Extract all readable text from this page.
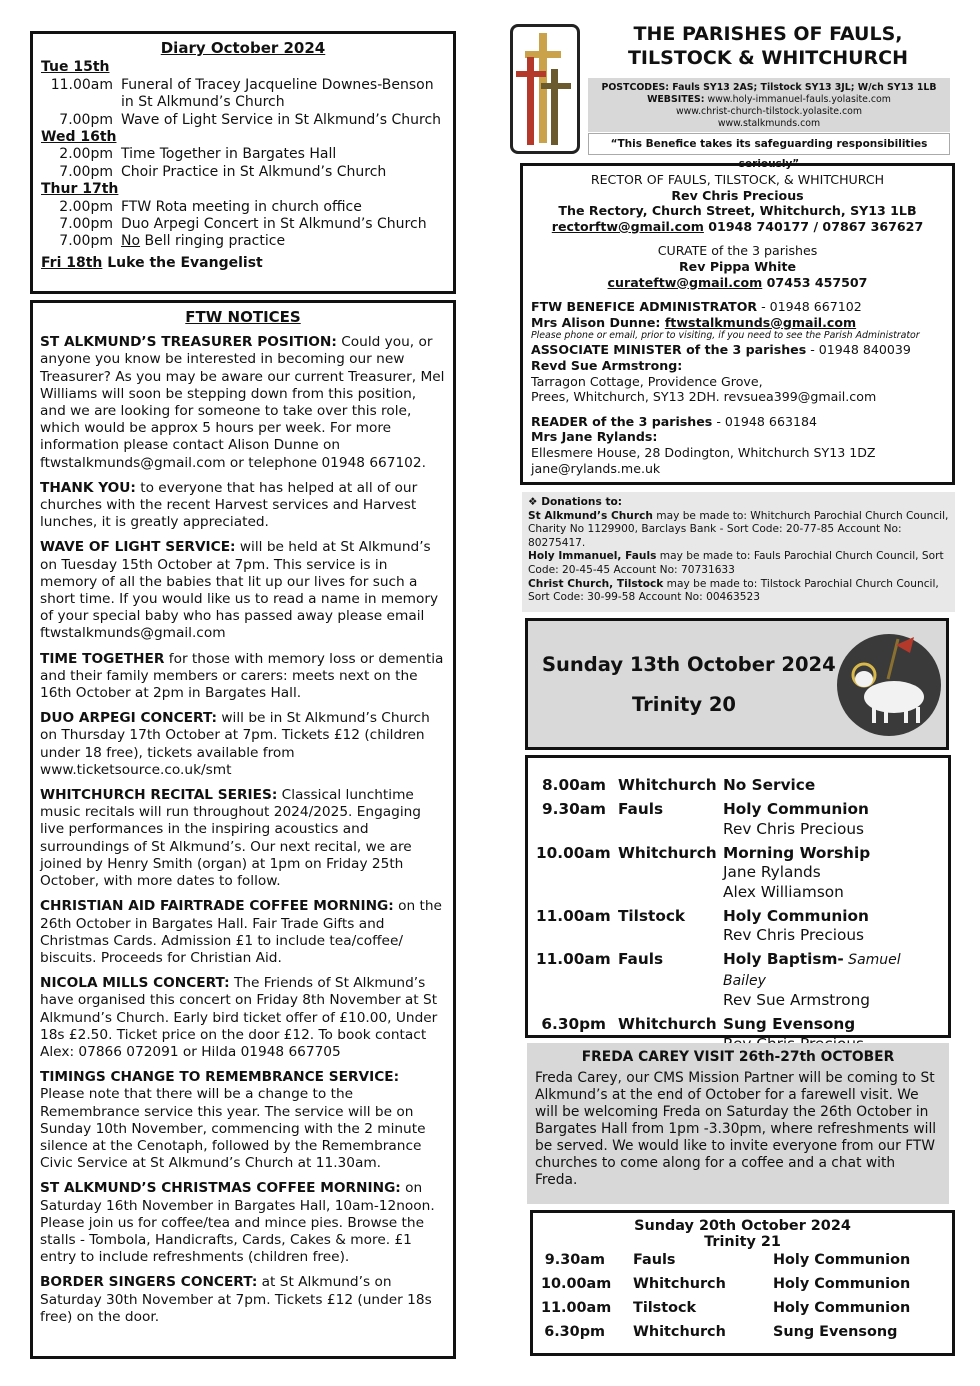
Diary October 2024
Tue 15th
11.00am Funeral of Tracey Jacqueline Downes-Benson
in St Alkmund’s Church
7.00pm Wave of Light Service in St Alkmund’s Church
Wed 16th
2.00pm Time Together in Bargates Hall
7.00pm Choir Practice in St Alkmund’s Church
Thur 17th
2.00pm FTW Rota meeting in church office
7.00pm Duo Arpegi Concert in St Alkmund’s Church
7.00pm No Bell ringing practice
Fri 18th Luke the Evangelist
FTW NOTICES

ST ALKMUND’S TREASURER POSITION: Could you, or anyone you know be interested in becoming our new Treasurer? As you may be aware our current Treasurer, Mel Williams will soon be stepping down from this position, and we are looking for someone to take over this role, which would be approx 5 hours per week. For more information please contact Alison Dunne on ftwstalkmunds@gmail.com or telephone 01948 667102.

THANK YOU: to everyone that has helped at all of our churches with the recent Harvest services and Harvest lunches, it is greatly appreciated.

WAVE OF LIGHT SERVICE: will be held at St Alkmund’s on Tuesday 15th October at 7pm. This service is in memory of all the babies that lit up our lives for such a short time. If you would like us to read a name in memory of your special baby who has passed away please email ftwstalkmunds@gmail.com

TIME TOGETHER for those with memory loss or dementia and their family members or carers: meets next on the 16th October at 2pm in Bargates Hall.

DUO ARPEGI CONCERT: will be in St Alkmund’s Church on Thursday 17th October at 7pm. Tickets £12 (children under 18 free), tickets available from www.ticketsource.co.uk/smt

WHITCHURCH RECITAL SERIES: Classical lunchtime music recitals will run throughout 2024/2025. Engaging live performances in the inspiring acoustics and surroundings of St Alkmund’s. Our next recital, we are joined by Henry Smith (organ) at 1pm on Friday 25th October, with more dates to follow.

CHRISTIAN AID FAIRTRADE COFFEE MORNING: on the 26th October in Bargates Hall. Fair Trade Gifts and Christmas Cards. Admission £1 to include tea/coffee/ biscuits. Proceeds for Christian Aid.

NICOLA MILLS CONCERT: The Friends of St Alkmund’s have organised this concert on Friday 8th November at St Alkmund’s Church. Early bird ticket offer of £10.00, Under 18s £2.50. Ticket price on the door £12. To book contact Alex: 07866 072091 or Hilda 01948 667705

TIMINGS CHANGE TO REMEMBRANCE SERVICE: Please note that there will be a change to the Remembrance service this year. The service will be on Sunday 10th November, commencing with the 2 minute silence at the Cenotaph, followed by the Remembrance Civic Service at St Alkmund’s Church at 11.30am.

ST ALKMUND’S CHRISTMAS COFFEE MORNING: on Saturday 16th November in Bargates Hall, 10am-12noon. Please join us for coffee/tea and mince pies. Browse the stalls - Tombola, Handicrafts, Cards, Cakes & more. £1 entry to include refreshments (children free).

BORDER SINGERS CONCERT: at St Alkmund’s on Saturday 30th November at 7pm. Tickets £12 (under 18s free) on the door.

THE PARISHES OF FAULS,
TILSTOCK & WHITCHURCH
POSTCODES: Fauls SY13 2AS; Tilstock SY13 3JL; W/ch SY13 1LB
WEBSITES: www.holy-immanuel-fauls.yolasite.com
www.christ-church-tilstock.yolasite.com
www.stalkmunds.com
“This Benefice takes its safeguarding responsibilities seriously”
RECTOR OF FAULS, TILSTOCK, & WHITCHURCH
Rev Chris Precious
The Rectory, Church Street, Whitchurch, SY13 1LB
rectorftw@gmail.com 01948 740177 / 07867 367627
CURATE of the 3 parishes
Rev Pippa White
curateftw@gmail.com 07453 457507
FTW BENEFICE ADMINISTRATOR - 01948 667102
Mrs Alison Dunne: ftwstalkmunds@gmail.com
Please phone or email, prior to visiting, if you need to see the Parish Administrator
ASSOCIATE MINISTER of the 3 parishes - 01948 840039
Revd Sue Armstrong:
Tarragon Cottage, Providence Grove,
Prees, Whitchurch, SY13 2DH. revsuea399@gmail.com
READER of the 3 parishes - 01948 663184
Mrs Jane Rylands:
Ellesmere House, 28 Dodington, Whitchurch SY13 1DZ
jane@rylands.me.uk
❖ Donations to:
St Alkmund’s Church may be made to: Whitchurch Parochial Church Council, Charity No 1129900, Barclays Bank - Sort Code: 20-77-85 Account No: 80275417.
Holy Immanuel, Fauls may be made to: Fauls Parochial Church Council, Sort Code: 20-45-45 Account No: 70731633
Christ Church, Tilstock may be made to: Tilstock Parochial Church Council, Sort Code: 30-99-58 Account No: 00463523
Sunday 13th October 2024
Trinity 20
8.00am Whitchurch No Service
9.30am Fauls	Holy Communion
Rev Chris Precious
10.00am Whitchurch Morning Worship
Jane Rylands
Alex Williamson
11.00am Tilstock	Holy Communion
Rev Chris Precious
11.00am Fauls	Holy Baptism- Samuel Bailey
Rev Sue Armstrong
6.30pm Whitchurch Sung Evensong

FREDA CAREY VISIT 26th-27th OCTOBER
Freda Carey, our CMS Mission Partner will be coming to St Alkmund’s at the end of October for a farewell visit. We will be welcoming Freda on Saturday the 26th October in Bargates Hall from 1pm -3.30pm, where refreshments will be served. We would like to invite everyone from our FTW churches to come along for a coffee and a chat with Freda.
Sunday 20th October 2024
Trinity 21
9.30am	Fauls	Holy Communion
10.00am	Whitchurch	Holy Communion
11.00am	Tilstock	Holy Communion
6.30pm	Whitchurch	Sung Evensong
